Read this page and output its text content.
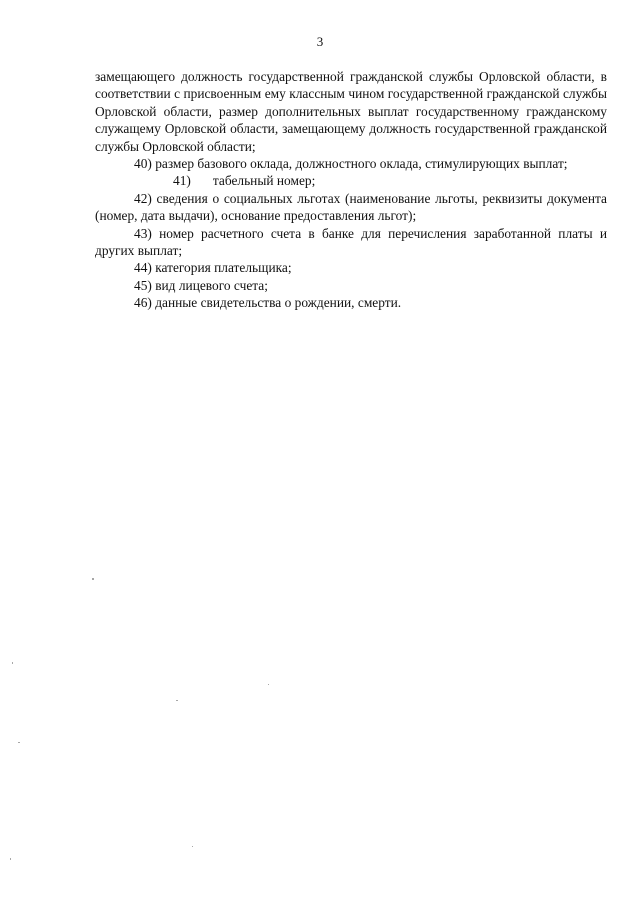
3

замещающего должность государственной гражданской службы Орловской области, в соответствии с присвоенным ему классным чином государственной гражданской службы Орловской области, размер дополнительных выплат государственному гражданскому служащему Орловской области, замещающему должность государственной гражданской службы Орловской области;

40) размер базового оклада, должностного оклада, стимулирующих выплат;

41) табельный номер;

42) сведения о социальных льготах (наименование льготы, реквизиты документа (номер, дата выдачи), основание предоставления льгот);

43) номер расчетного счета в банке для перечисления заработанной платы и других выплат;

44) категория плательщика;

45) вид лицевого счета;

46) данные свидетельства о рождении, смерти.
